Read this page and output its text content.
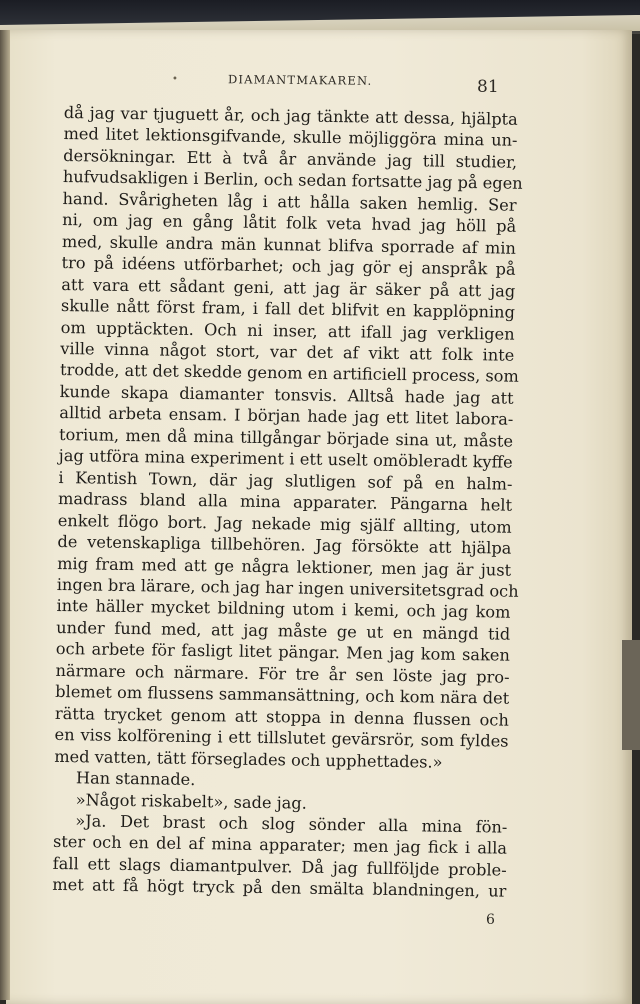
•	DIAMANTMAKAREN.	81
då jag var tjuguett år, och jag tänkte att dessa, hjälpta
med litet lektionsgifvande, skulle möjliggöra mina un-
dersökningar. Ett à två år använde jag till studier,
hufvudsakligen i Berlin, och sedan fortsatte jag på egen
hand. Svårigheten låg i att hålla saken hemlig. Ser
ni, om jag en gång låtit folk veta hvad jag höll på
med, skulle andra män kunnat blifva sporrade af min
tro på idéens utförbarhet; och jag gör ej anspråk på
att vara ett sådant geni, att jag är säker på att jag
skulle nått först fram, i fall det blifvit en kapplöpning
om upptäckten. Och ni inser, att ifall jag verkligen
ville vinna något stort, var det af vikt att folk inte
trodde, att det skedde genom en artificiell process, som
kunde skapa diamanter tonsvis. Alltså hade jag att
alltid arbeta ensam. I början hade jag ett litet labora-
torium, men då mina tillgångar började sina ut, måste
jag utföra mina experiment i ett uselt omöbleradt kyffe
i Kentish Town, där jag slutligen sof på en halm-
madrass bland alla mina apparater. Pängarna helt
enkelt flögo bort. Jag nekade mig själf allting, utom
de vetenskapliga tillbehören. Jag försökte att hjälpa
mig fram med att ge några lektioner, men jag är just
ingen bra lärare, och jag har ingen universitetsgrad och
inte häller mycket bildning utom i kemi, och jag kom
under fund med, att jag måste ge ut en mängd tid
och arbete för fasligt litet pängar. Men jag kom saken
närmare och närmare. För tre år sen löste jag pro-
blemet om flussens sammansättning, och kom nära det
rätta trycket genom att stoppa in denna flussen och
en viss kolförening i ett tillslutet gevärsrör, som fyldes
med vatten, tätt förseglades och upphettades.»
Han stannade.
»Något riskabelt», sade jag.
»Ja. Det brast och slog sönder alla mina fön-
ster och en del af mina apparater; men jag fick i alla
fall ett slags diamantpulver. Då jag fullföljde proble-
met att få högt tryck på den smälta blandningen, ur
6
